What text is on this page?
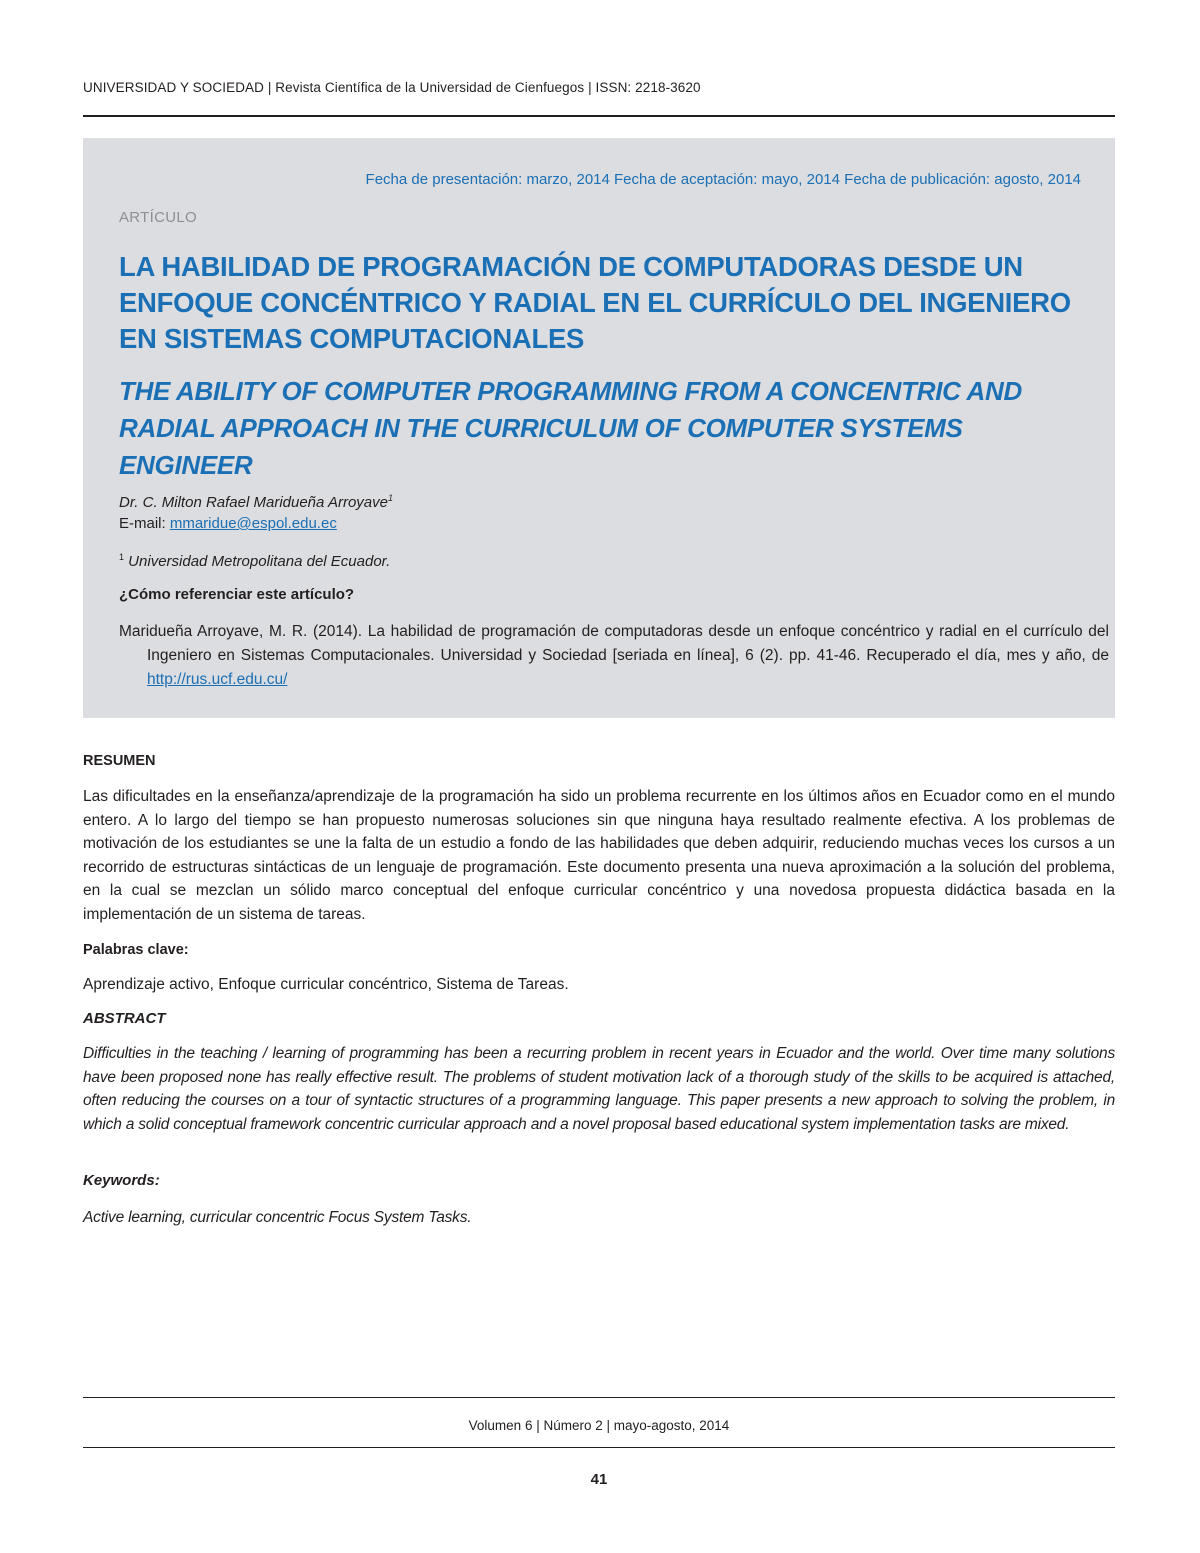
UNIVERSIDAD Y SOCIEDAD | Revista Científica de la Universidad de Cienfuegos | ISSN: 2218-3620
Fecha de presentación: marzo, 2014 Fecha de aceptación: mayo, 2014 Fecha de publicación: agosto, 2014
ARTÍCULO
LA HABILIDAD DE PROGRAMACIÓN DE COMPUTADORAS DESDE UN ENFOQUE CONCÉNTRICO Y RADIAL EN EL CURRÍCULO DEL INGENIERO EN SISTEMAS COMPUTACIONALES
THE ABILITY OF COMPUTER PROGRAMMING FROM A CONCENTRIC AND RADIAL APPROACH IN THE CURRICULUM OF COMPUTER SYSTEMS ENGINEER
Dr. C. Milton Rafael Maridueña Arroyave$^1$
E-mail: mmaridue@espol.edu.ec
$^1$ Universidad Metropolitana del Ecuador.
¿Cómo referenciar este artículo?

Maridueña Arroyave, M. R. (2014). La habilidad de programación de computadoras desde un enfoque concéntrico y radial en el currículo del Ingeniero en Sistemas Computacionales. Universidad y Sociedad [seriada en línea], 6 (2). pp. 41-46. Recuperado el día, mes y año, de http://rus.ucf.edu.cu/

RESUMEN

Las dificultades en la enseñanza/aprendizaje de la programación ha sido un problema recurrente en los últimos años en Ecuador como en el mundo entero. A lo largo del tiempo se han propuesto numerosas soluciones sin que ninguna haya resultado realmente efectiva. A los problemas de motivación de los estudiantes se une la falta de un estudio a fondo de las habilidades que deben adquirir, reduciendo muchas veces los cursos a un recorrido de estructuras sintácticas de un lenguaje de programación. Este documento presenta una nueva aproximación a la solución del problema, en la cual se mezclan un sólido marco conceptual del enfoque curricular concéntrico y una novedosa propuesta didáctica basada en la implementación de un sistema de tareas.

Palabras clave:

Aprendizaje activo, Enfoque curricular concéntrico, Sistema de Tareas.

ABSTRACT

Difficulties in the teaching / learning of programming has been a recurring problem in recent years in Ecuador and the world. Over time many solutions have been proposed none has really effective result. The problems of student motivation lack of a thorough study of the skills to be acquired is attached, often reducing the courses on a tour of syntactic structures of a programming language. This paper presents a new approach to solving the problem, in which a solid conceptual framework concentric curricular approach and a novel proposal based educational system implementation tasks are mixed.

Keywords:

Active learning, curricular concentric Focus System Tasks.

Volumen 6 | Número 2 | mayo-agosto, 2014
41
